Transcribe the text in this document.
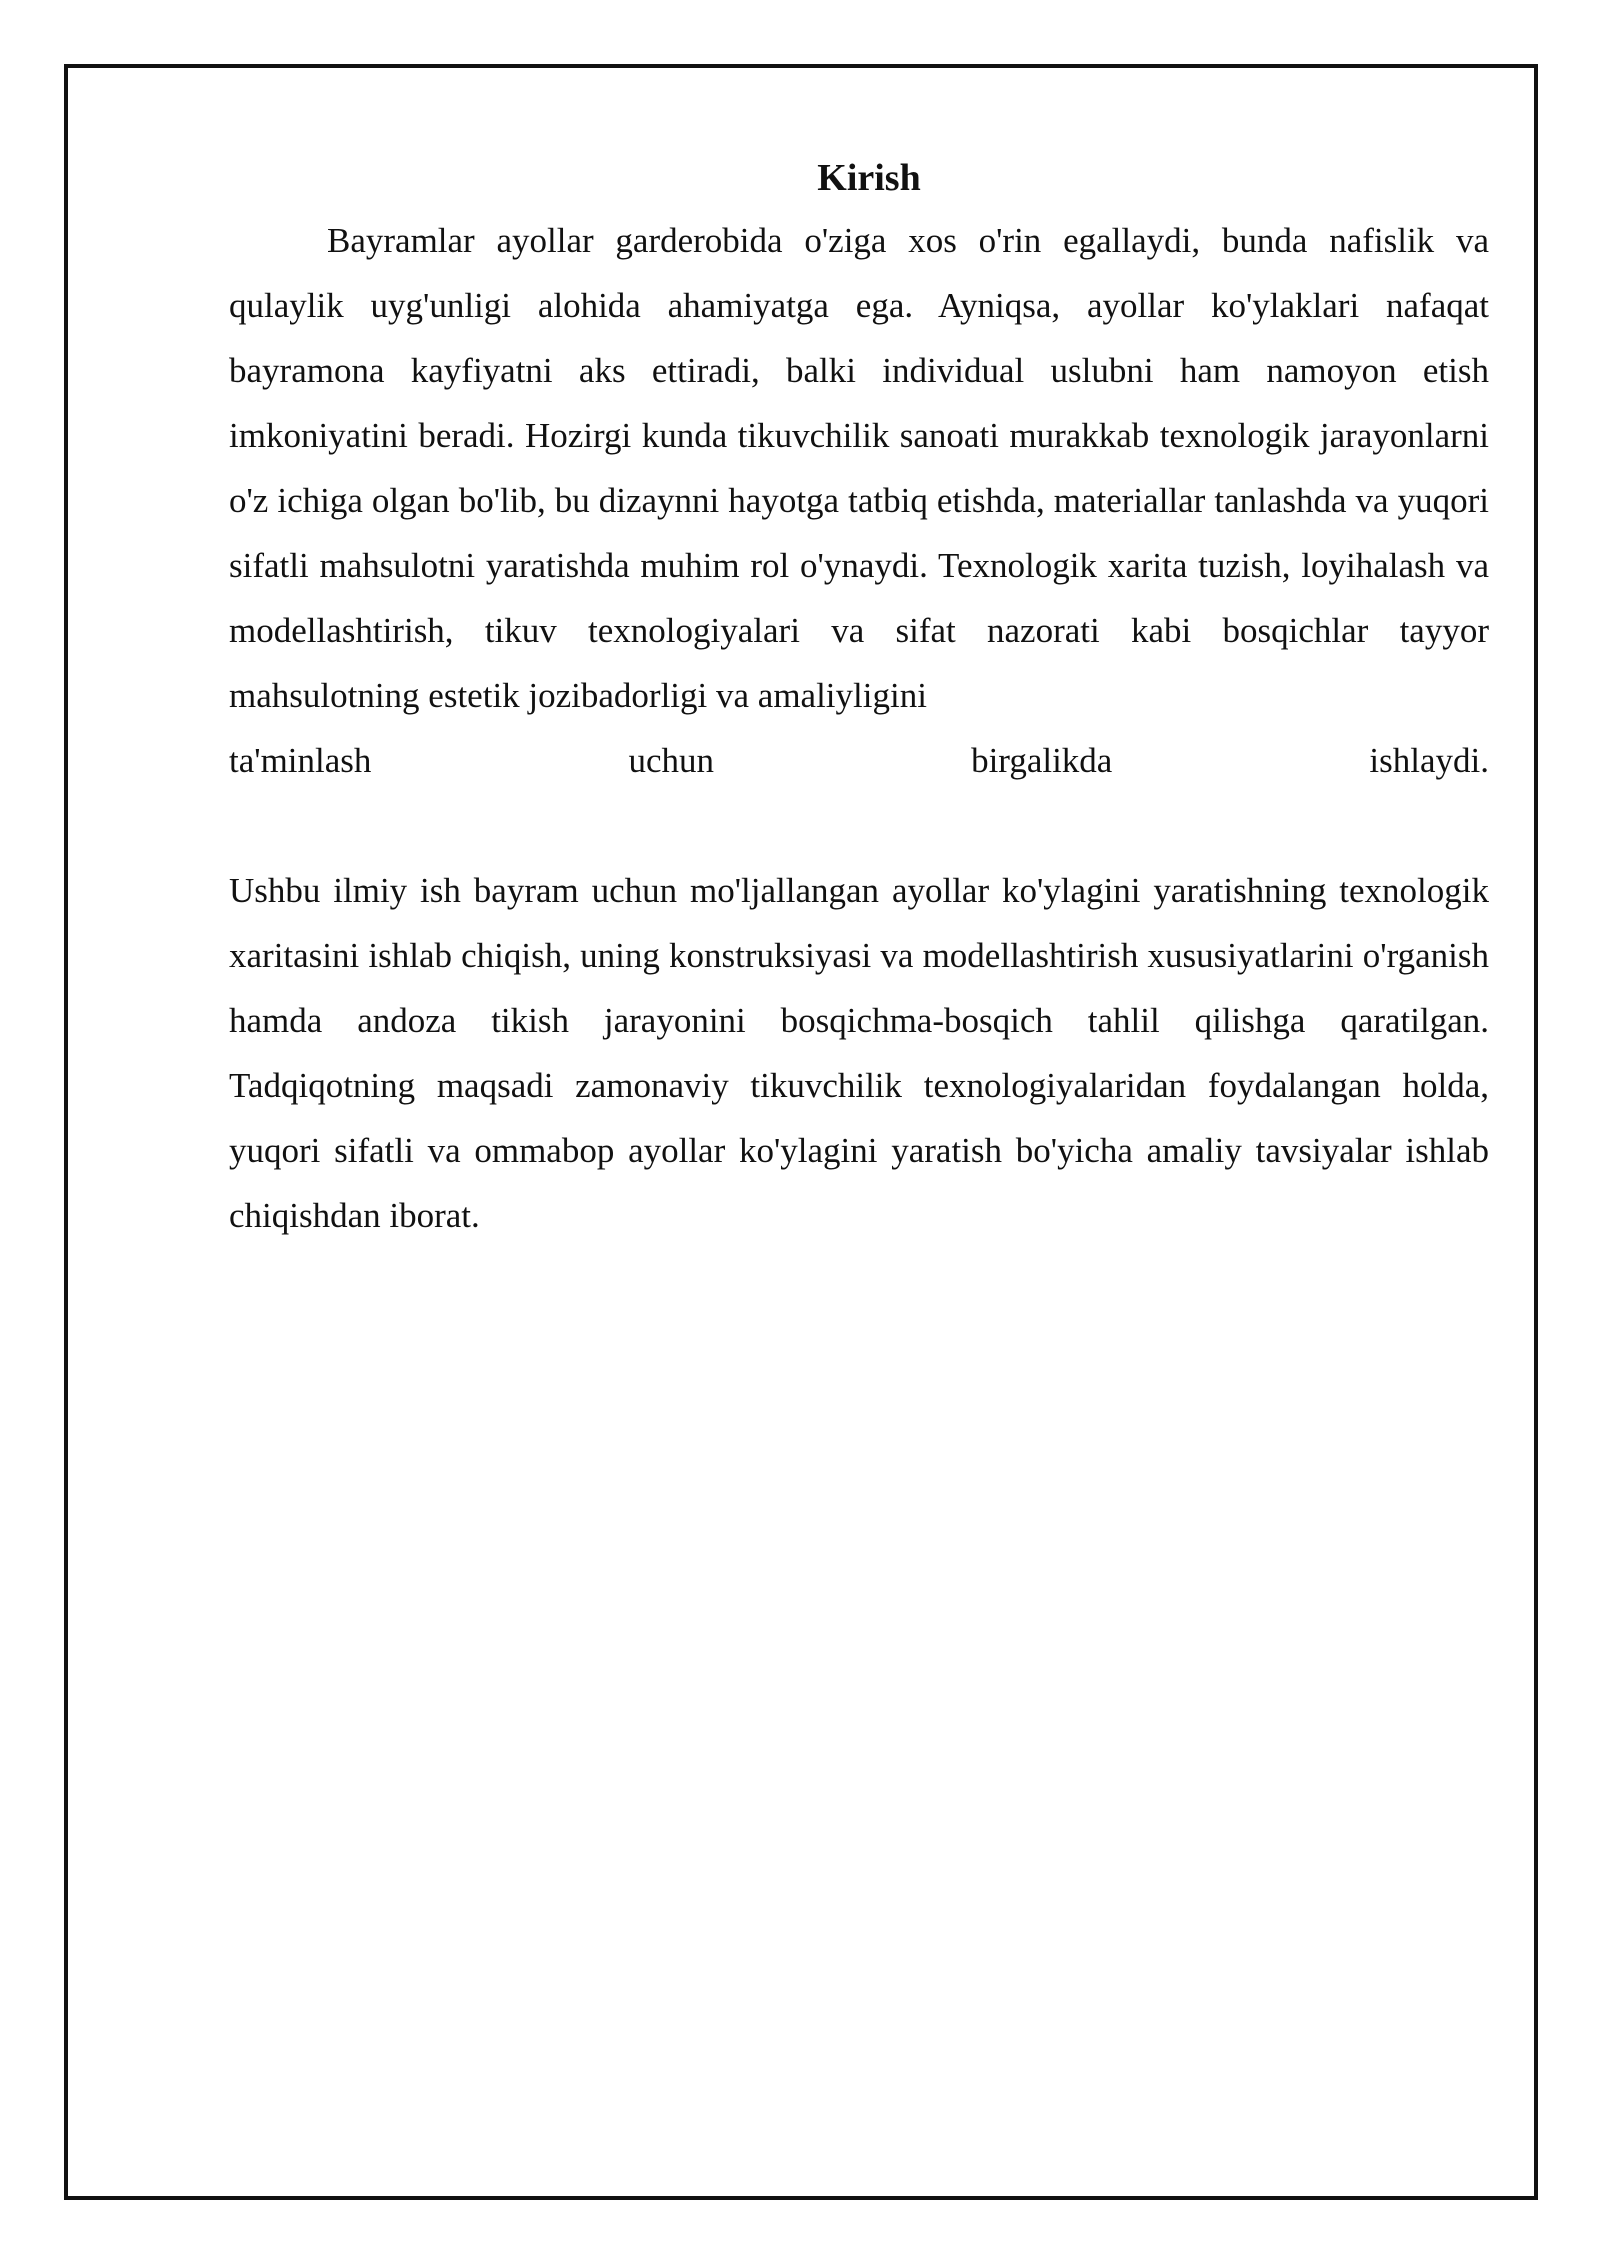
Kirish

Bayramlar ayollar garderobida o'ziga xos o'rin egallaydi, bunda nafislik va qulaylik uyg'unligi alohida ahamiyatga ega. Ayniqsa, ayollar ko'ylaklari nafaqat bayramona kayfiyatni aks ettiradi, balki individual uslubni ham namoyon etish imkoniyatini beradi. Hozirgi kunda tikuvchilik sanoati murakkab texnologik jarayonlarni o'z ichiga olgan bo'lib, bu dizaynni hayotga tatbiq etishda, materiallar tanlashda va yuqori sifatli mahsulotni yaratishda muhim rol o'ynaydi. Texnologik xarita tuzish, loyihalash va modellashtirish, tikuv texnologiyalari va sifat nazorati kabi bosqichlar tayyor mahsulotning estetik jozibadorligi va amaliyligini

ta'minlash uchun birgalikda ishlaydi.

Ushbu ilmiy ish bayram uchun mo'ljallangan ayollar ko'ylagini yaratishning texnologik xaritasini ishlab chiqish, uning konstruksiyasi va modellashtirish xususiyatlarini o'rganish hamda andoza tikish jarayonini bosqichma-bosqich tahlil qilishga qaratilgan. Tadqiqotning maqsadi zamonaviy tikuvchilik texnologiyalaridan foydalangan holda, yuqori sifatli va ommabop ayollar ko'ylagini yaratish bo'yicha amaliy tavsiyalar ishlab chiqishdan iborat.
